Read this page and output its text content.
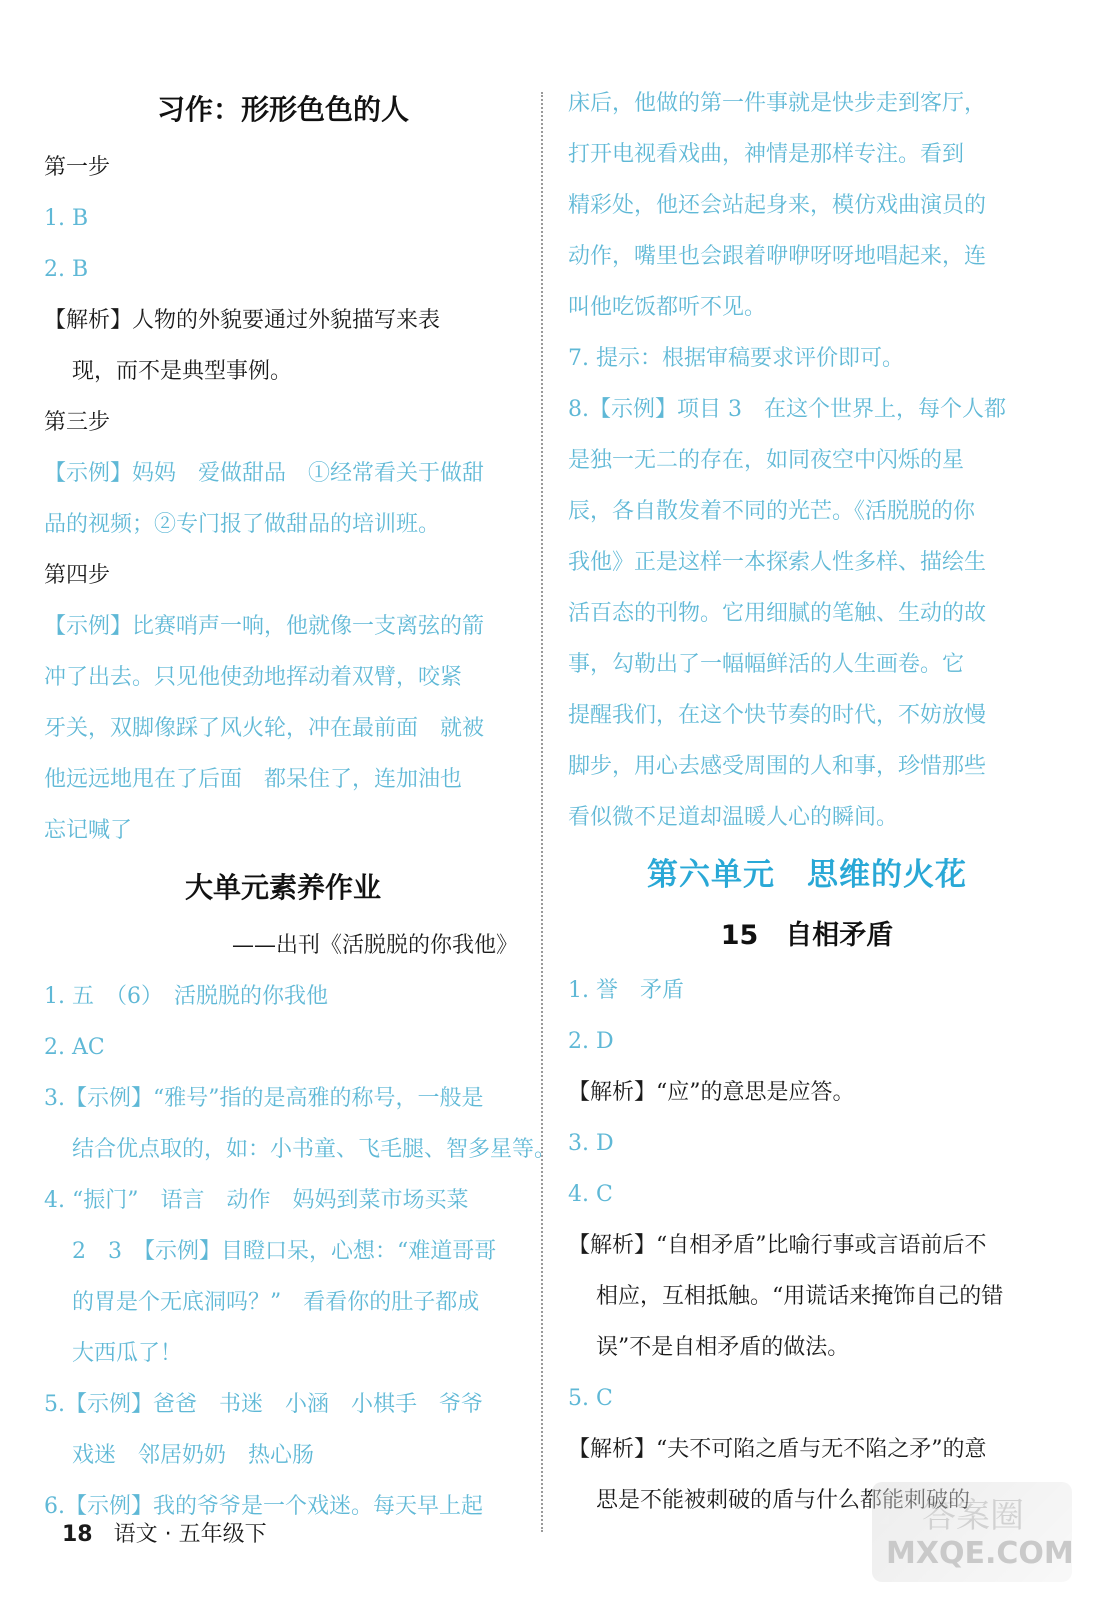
习作：形形色色的人
第一步
1. B
2. B
【解析】人物的外貌要通过外貌描写来表
现，而不是典型事例。
第三步
【示例】妈妈　爱做甜品　①经常看关于做甜
品的视频；②专门报了做甜品的培训班。
第四步
【示例】比赛哨声一响，他就像一支离弦的箭
冲了出去。只见他使劲地挥动着双臂，咬紧
牙关，双脚像踩了风火轮，冲在最前面　就被
他远远地甩在了后面　都呆住了，连加油也
忘记喊了
大单元素养作业
——出刊《活脱脱的你我他》
1. 五　（6）　活脱脱的你我他
2. AC
3.【示例】“雅号”指的是高雅的称号，一般是
结合优点取的，如：小书童、飞毛腿、智多星等。
4. “振门”　语言　动作　妈妈到菜市场买菜
2　3　【示例】目瞪口呆，心想：“难道哥哥
的胃是个无底洞吗？”　看看你的肚子都成
大西瓜了！
5.【示例】爸爸　书迷　小涵　小棋手　爷爷
戏迷　邻居奶奶　热心肠
6.【示例】我的爷爷是一个戏迷。每天早上起
床后，他做的第一件事就是快步走到客厅，
打开电视看戏曲，神情是那样专注。看到
精彩处，他还会站起身来，模仿戏曲演员的
动作，嘴里也会跟着咿咿呀呀地唱起来，连
叫他吃饭都听不见。
7. 提示：根据审稿要求评价即可。
8.【示例】项目 3　在这个世界上，每个人都
是独一无二的存在，如同夜空中闪烁的星
辰，各自散发着不同的光芒。《活脱脱的你
我他》正是这样一本探索人性多样、描绘生
活百态的刊物。它用细腻的笔触、生动的故
事，勾勒出了一幅幅鲜活的人生画卷。它
提醒我们，在这个快节奏的时代，不妨放慢
脚步，用心去感受周围的人和事，珍惜那些
看似微不足道却温暖人心的瞬间。
第六单元　思维的火花
15　自相矛盾
1. 誉　矛盾
2. D
【解析】“应”的意思是应答。
3. D
4. C
【解析】“自相矛盾”比喻行事或言语前后不
相应，互相抵触。“用谎话来掩饰自己的错
误”不是自相矛盾的做法。
5. C
【解析】“夫不可陷之盾与无不陷之矛”的意
思是不能被刺破的盾与什么都能刺破的
18 语文 · 五年级下	答案圈
MXQE.COM
